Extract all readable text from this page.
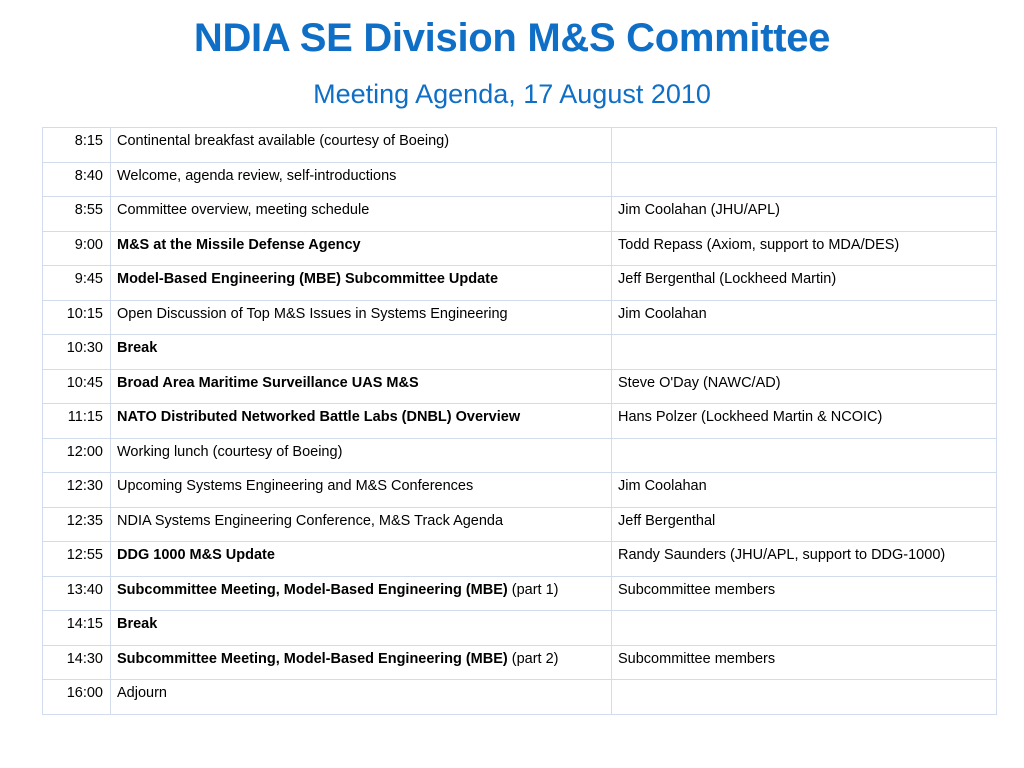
NDIA SE Division M&S Committee
Meeting Agenda, 17 August 2010
8:15	Continental breakfast available (courtesy of Boeing)	
8:40	Welcome, agenda review, self-introductions	
8:55	Committee overview, meeting schedule	Jim Coolahan (JHU/APL)
9:00	M&S at the Missile Defense Agency	Todd Repass (Axiom, support to MDA/DES)
9:45	Model-Based Engineering (MBE) Subcommittee Update	Jeff Bergenthal (Lockheed Martin)
10:15	Open Discussion of Top M&S Issues in Systems Engineering	Jim Coolahan
10:30	Break	
10:45	Broad Area Maritime Surveillance UAS M&S	Steve O'Day (NAWC/AD)
11:15	NATO Distributed Networked Battle Labs (DNBL) Overview	Hans Polzer (Lockheed Martin & NCOIC)
12:00	Working lunch (courtesy of Boeing)	
12:30	Upcoming Systems Engineering and M&S Conferences	Jim Coolahan
12:35	NDIA Systems Engineering Conference, M&S Track Agenda	Jeff Bergenthal
12:55	DDG 1000 M&S Update	Randy Saunders (JHU/APL, support to DDG-1000)
13:40	Subcommittee Meeting, Model-Based Engineering (MBE) (part 1)	Subcommittee members
14:15	Break	
14:30	Subcommittee Meeting, Model-Based Engineering (MBE) (part 2)	Subcommittee members
16:00	Adjourn	
